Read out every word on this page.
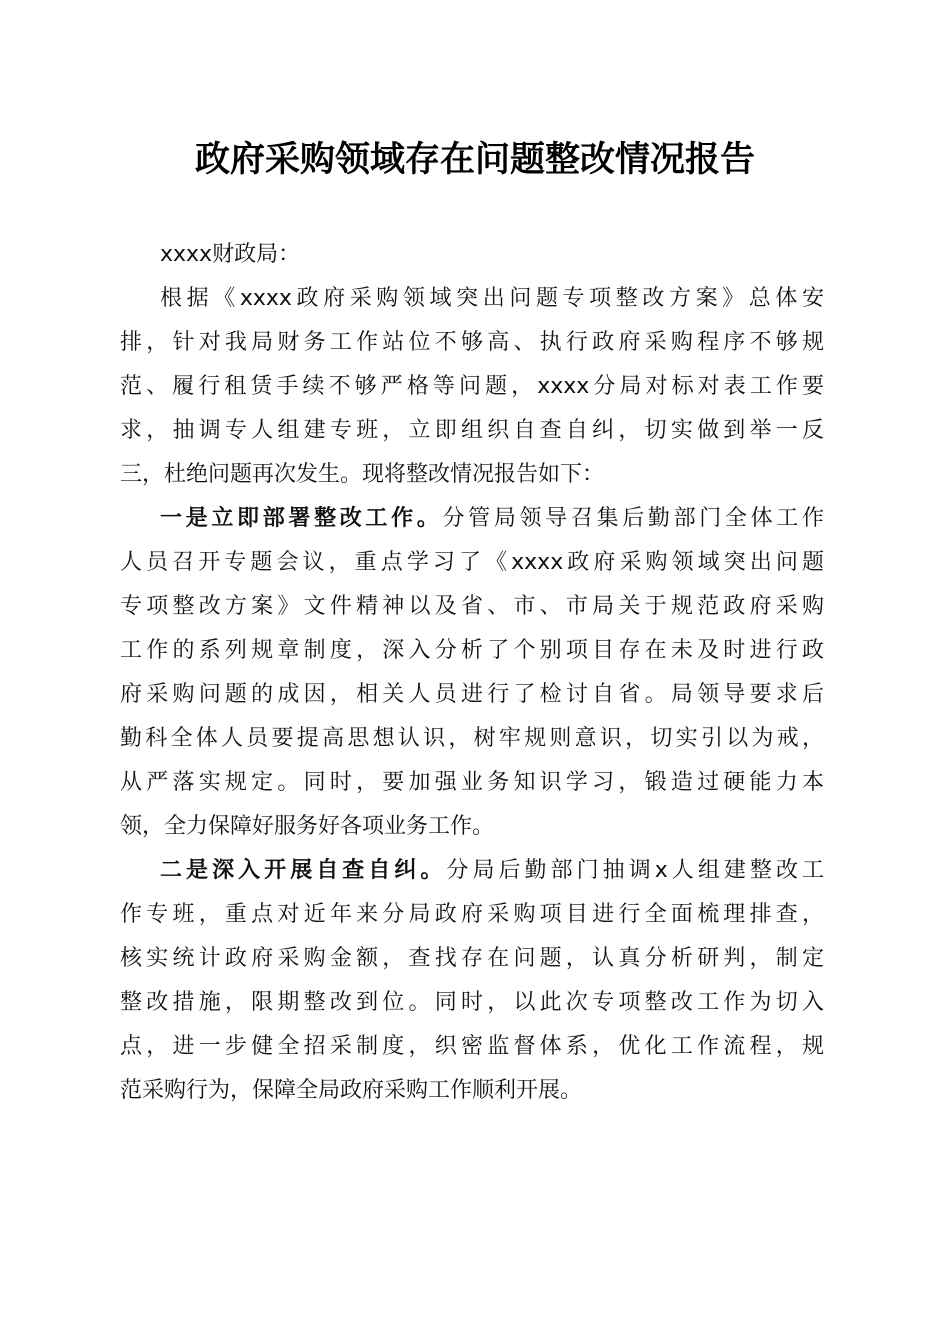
政府采购领域存在问题整改情况报告
xxxx财政局：
根据《xxxx政府采购领域突出问题专项整改方案》总体安
排，针对我局财务工作站位不够高、执行政府采购程序不够规
范、履行租赁手续不够严格等问题，xxxx分局对标对表工作要
求，抽调专人组建专班，立即组织自查自纠，切实做到举一反
三，杜绝问题再次发生。现将整改情况报告如下：
一是立即部署整改工作。分管局领导召集后勤部门全体工作
人员召开专题会议，重点学习了《xxxx政府采购领域突出问题
专项整改方案》文件精神以及省、市、市局关于规范政府采购
工作的系列规章制度，深入分析了个别项目存在未及时进行政
府采购问题的成因，相关人员进行了检讨自省。局领导要求后
勤科全体人员要提高思想认识，树牢规则意识，切实引以为戒，
从严落实规定。同时，要加强业务知识学习，锻造过硬能力本
领，全力保障好服务好各项业务工作。
二是深入开展自查自纠。分局后勤部门抽调x人组建整改工
作专班，重点对近年来分局政府采购项目进行全面梳理排查，
核实统计政府采购金额，查找存在问题，认真分析研判，制定
整改措施，限期整改到位。同时，以此次专项整改工作为切入
点，进一步健全招采制度，织密监督体系，优化工作流程，规
范采购行为，保障全局政府采购工作顺利开展。
